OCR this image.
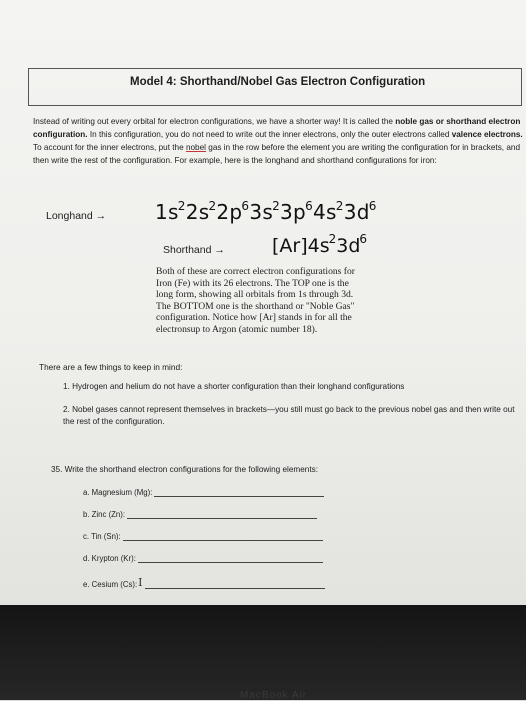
Model 4: Shorthand/Nobel Gas Electron Configuration
Instead of writing out every orbital for electron configurations, we have a shorter way! It is called the noble gas or shorthand electron configuration. In this configuration, you do not need to write out the inner electrons, only the outer electrons called valence electrons. To account for the inner electrons, put the nobel gas in the row before the element you are writing the configuration for in brackets, and then write the rest of the configuration. For example, here is the longhand and shorthand configurations for iron:
Longhand → $1s^22s^22p^63s^23p^64s^23d^6$
Shorthand → $[Ar]4s^23d^6$
Both of these are correct electron configurations for
Iron (Fe) with its 26 electrons. The TOP one is the
long form, showing all orbitals from 1s through 3d.
The BOTTOM one is the shorthand or "Noble Gas"
configuration. Notice how [Ar] stands in for all the
electronsup to Argon (atomic number 18).
There are a few things to keep in mind:
1. Hydrogen and helium do not have a shorter configuration than their longhand configurations
2. Nobel gases cannot represent themselves in brackets—you still must go back to the previous nobel gas and then write out the rest of the configuration.
35. Write the shorthand electron configurations for the following elements:
a. Magnesium (Mg):
b. Zinc (Zn):
c. Tin (Sn):
d. Krypton (Kr):
e. Cesium (Cs): I
MacBook Air
